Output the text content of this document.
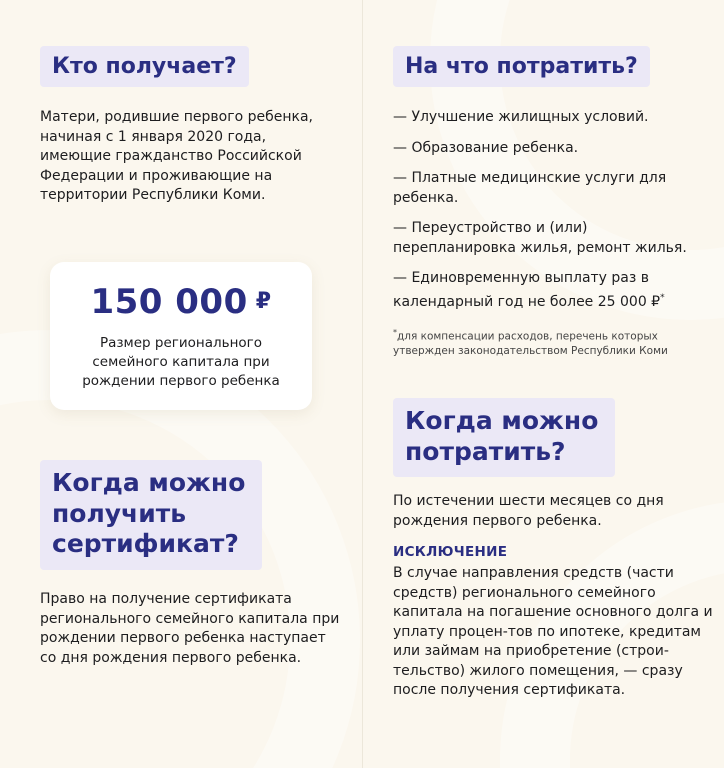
Кто получает?
Матери, родившие первого ребенка, начиная с 1 января 2020 года, имеющие гражданство Российской Федерации и проживающие на территории Республики Коми.
150 000 ₽
Размер регионального семейного капитала при рождении первого ребенка
Когда можно получить сертификат?
Право на получение сертификата регионального семейного капитала при рождении первого ребенка наступает со дня рождения первого ребенка.
На что потратить?
— Улучшение жилищных условий.
— Образование ребенка.
— Платные медицинские услуги для ребенка.
— Переустройство и (или) перепланировка жилья, ремонт жилья.
— Единовременную выплату раз в календарный год не более 25 000 ₽*
*для компенсации расходов, перечень которых утвержден законодательством Республики Коми
Когда можно потратить?
По истечении шести месяцев со дня рождения первого ребенка.
ИСКЛЮЧЕНИЕ
В случае направления средств (части средств) регионального семейного капитала на погашение основного долга и уплату процен-тов по ипотеке, кредитам или займам на приобретение (строи-тельство) жилого помещения, — сразу после получения сертификата.
